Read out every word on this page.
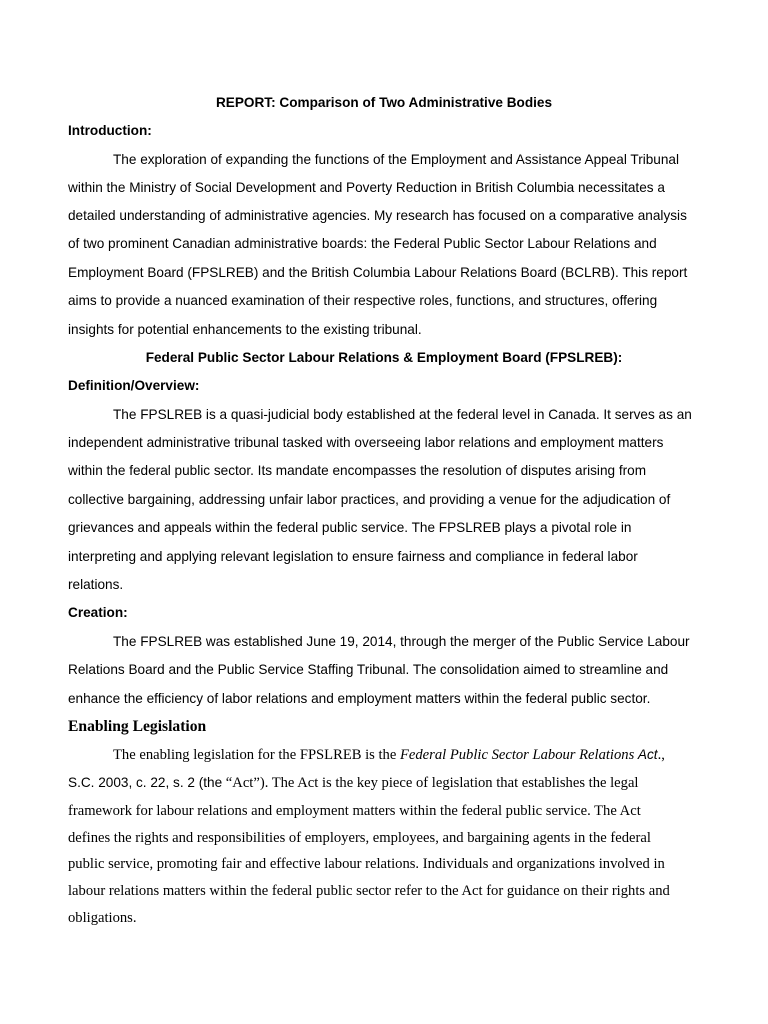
REPORT: Comparison of Two Administrative Bodies
Introduction:
The exploration of expanding the functions of the Employment and Assistance Appeal Tribunal
within the Ministry of Social Development and Poverty Reduction in British Columbia necessitates a
detailed understanding of administrative agencies. My research has focused on a comparative analysis
of two prominent Canadian administrative boards: the Federal Public Sector Labour Relations and
Employment Board (FPSLREB) and the British Columbia Labour Relations Board (BCLRB). This report
aims to provide a nuanced examination of their respective roles, functions, and structures, offering
insights for potential enhancements to the existing tribunal.
Federal Public Sector Labour Relations & Employment Board (FPSLREB):
Definition/Overview:
The FPSLREB is a quasi-judicial body established at the federal level in Canada. It serves as an
independent administrative tribunal tasked with overseeing labor relations and employment matters
within the federal public sector. Its mandate encompasses the resolution of disputes arising from
collective bargaining, addressing unfair labor practices, and providing a venue for the adjudication of
grievances and appeals within the federal public service. The FPSLREB plays a pivotal role in
interpreting and applying relevant legislation to ensure fairness and compliance in federal labor
relations.
Creation:
The FPSLREB was established June 19, 2014, through the merger of the Public Service Labour
Relations Board and the Public Service Staffing Tribunal. The consolidation aimed to streamline and
enhance the efficiency of labor relations and employment matters within the federal public sector.
Enabling Legislation
The enabling legislation for the FPSLREB is the Federal Public Sector Labour Relations Act.,
S.C. 2003, c. 22, s. 2 (the “Act”). The Act is the key piece of legislation that establishes the legal
framework for labour relations and employment matters within the federal public service. The Act
defines the rights and responsibilities of employers, employees, and bargaining agents in the federal
public service, promoting fair and effective labour relations. Individuals and organizations involved in
labour relations matters within the federal public sector refer to the Act for guidance on their rights and
obligations.
